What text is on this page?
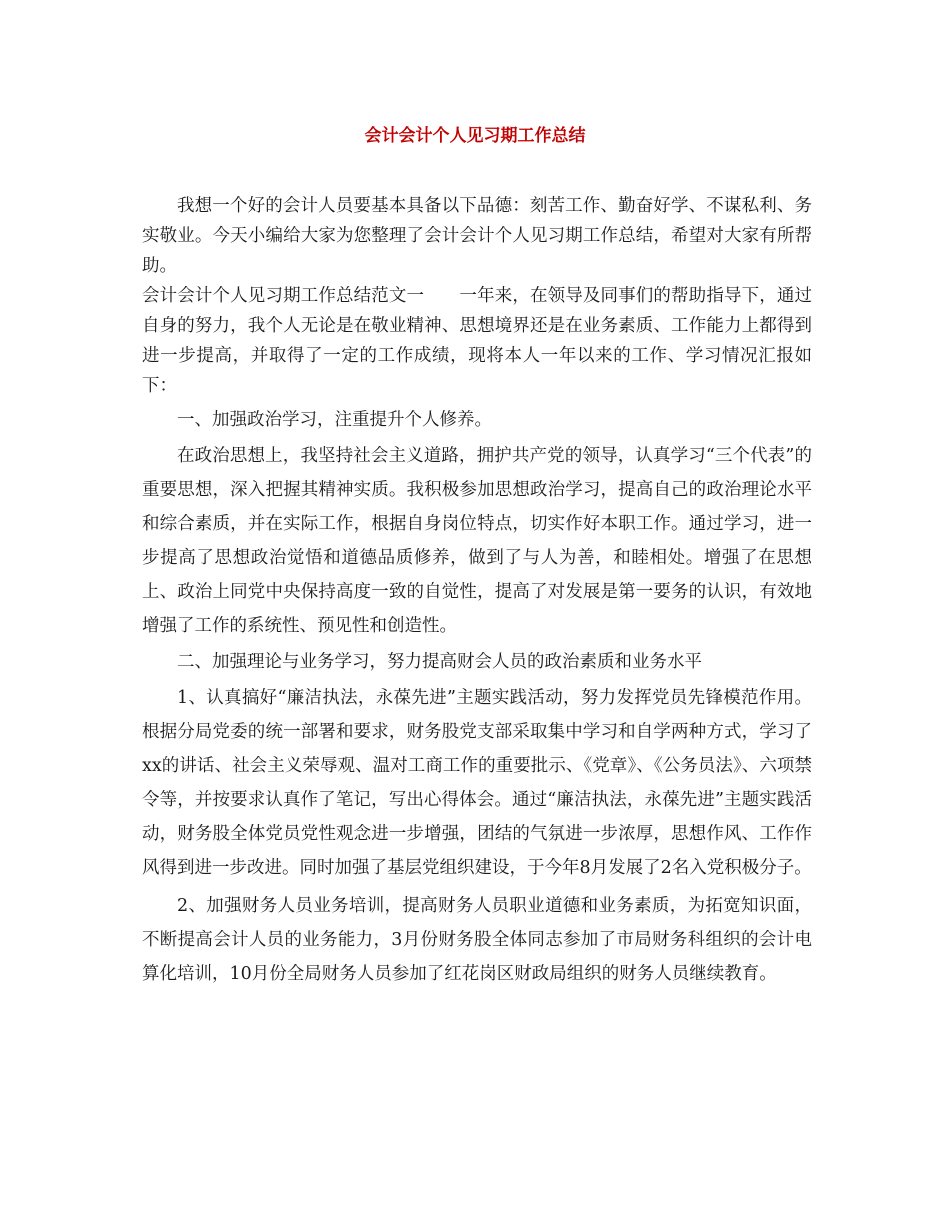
会计会计个人见习期工作总结

我想一个好的会计人员要基本具备以下品德：刻苦工作、勤奋好学、不谋私利、务实敬业。今天小编给大家为您整理了会计会计个人见习期工作总结，希望对大家有所帮助。

会计会计个人见习期工作总结范文一　　一年来，在领导及同事们的帮助指导下，通过自身的努力，我个人无论是在敬业精神、思想境界还是在业务素质、工作能力上都得到进一步提高，并取得了一定的工作成绩，现将本人一年以来的工作、学习情况汇报如下：

一、加强政治学习，注重提升个人修养。

在政治思想上，我坚持社会主义道路，拥护共产党的领导，认真学习“三个代表”的重要思想，深入把握其精神实质。我积极参加思想政治学习，提高自己的政治理论水平和综合素质，并在实际工作，根据自身岗位特点，切实作好本职工作。通过学习，进一步提高了思想政治觉悟和道德品质修养，做到了与人为善，和睦相处。增强了在思想上、政治上同党中央保持高度一致的自觉性，提高了对发展是第一要务的认识，有效地增强了工作的系统性、预见性和创造性。

二、加强理论与业务学习，努力提高财会人员的政治素质和业务水平

1、认真搞好“廉洁执法，永葆先进”主题实践活动，努力发挥党员先锋模范作用。根据分局党委的统一部署和要求，财务股党支部采取集中学习和自学两种方式，学习了xx的讲话、社会主义荣辱观、温对工商工作的重要批示、《党章》、《公务员法》、六项禁令等，并按要求认真作了笔记，写出心得体会。通过“廉洁执法，永葆先进”主题实践活动，财务股全体党员党性观念进一步增强，团结的气氛进一步浓厚，思想作风、工作作风得到进一步改进。同时加强了基层党组织建设，于今年8月发展了2名入党积极分子。

2、加强财务人员业务培训，提高财务人员职业道德和业务素质，为拓宽知识面，不断提高会计人员的业务能力，3月份财务股全体同志参加了市局财务科组织的会计电算化培训，10月份全局财务人员参加了红花岗区财政局组织的财务人员继续教育。
